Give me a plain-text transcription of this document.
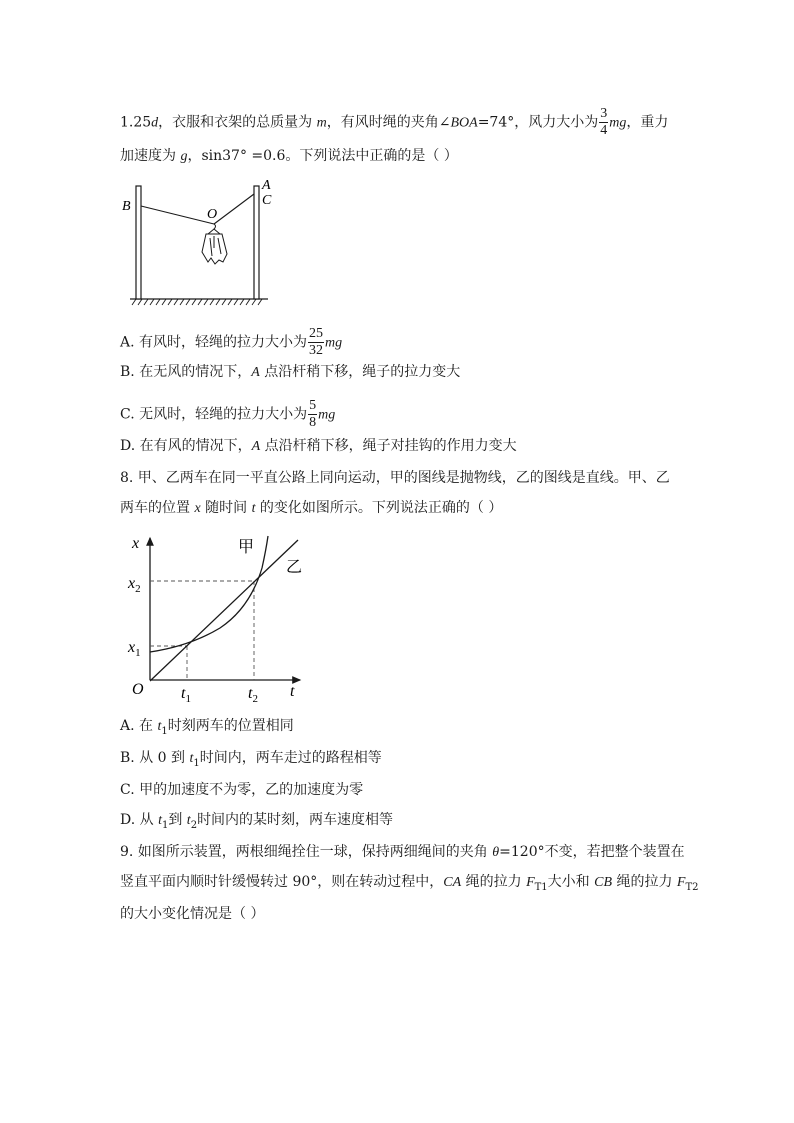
1.25d，衣服和衣架的总质量为 m，有风时绳的夹角∠BOA=74°，风力大小为 $\frac{3}{4}$ mg，重力
加速度为 g，sin37° =0.6。下列说法中正确的是（ ）
B
A
C
O
A. 有风时，轻绳的拉力大小为 $\frac{25}{32}$ mg
B. 在无风的情况下，A 点沿杆稍下移，绳子的拉力变大
C. 无风时，轻绳的拉力大小为 $\frac{5}{8}$ mg
D. 在有风的情况下，A 点沿杆稍下移，绳子对挂钩的作用力变大
8. 甲、乙两车在同一平直公路上同向运动，甲的图线是抛物线，乙的图线是直线。甲、乙
两车的位置 x 随时间 t 的变化如图所示。下列说法正确的（ ）
x
t
O
$x_1$
$x_2$
$t_1$	$t_2$
甲
乙
A. 在 $t_1$时刻两车的位置相同
B. 从 0 到 $t_1$时间内，两车走过的路程相等
C. 甲的加速度不为零，乙的加速度为零
D. 从 $t_1$到 $t_2$时间内的某时刻，两车速度相等
9. 如图所示装置，两根细绳拴住一球，保持两细绳间的夹角 θ=120°不变，若把整个装置在
竖直平面内顺时针缓慢转过 90°，则在转动过程中，CA 绳的拉力 $F_{T1}$大小和 CB 绳的拉力 $F_{T2}$
的大小变化情况是（ ）
